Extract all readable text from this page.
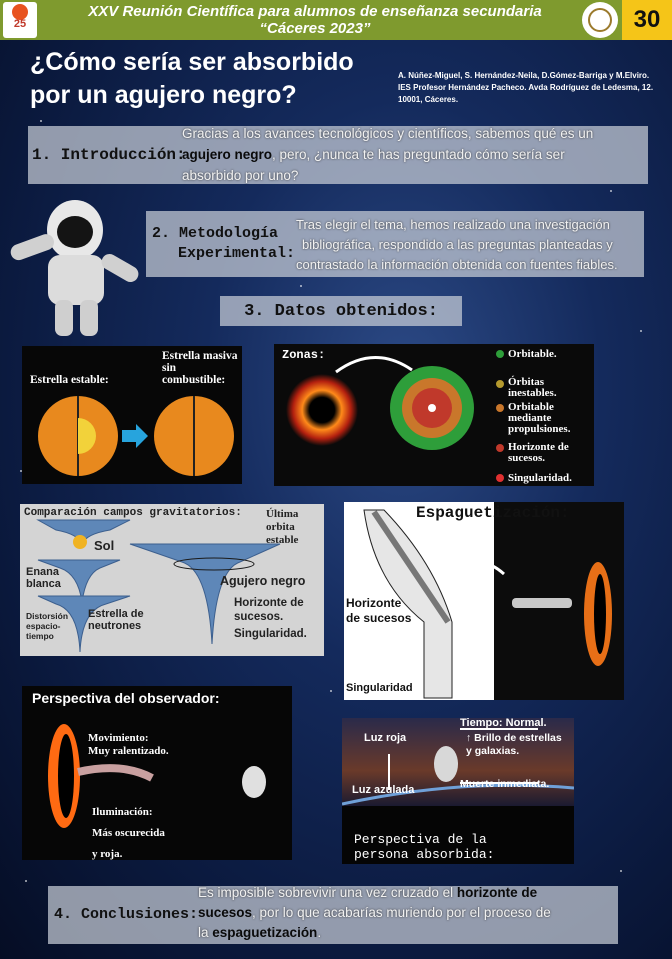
XXV Reunión Científica para alumnos de enseñanza secundaria
“Cáceres 2023”
25	30
¿Cómo sería ser absorbido
por un agujero negro?
A. Núñez-Miguel, S. Hernández-Neila, D.Gómez-Barriga y M.Elviro.
IES Profesor Hernández Pacheco. Avda Rodríguez de Ledesma, 12.
10001, Cáceres.
1. Introducción:
Gracias a los avances tecnológicos y científicos, sabemos qué es un
agujero negro, pero, ¿nunca te has preguntado cómo sería ser
absorbido por uno?
2. Metodología
Experimental:
Tras elegir el tema, hemos realizado una investigación
bibliográfica, respondido a las preguntas planteadas y
contrastado la información obtenida con fuentes fiables.
3. Datos obtenidos:
Estrella estable:
Estrella masiva sin combustible:
Zonas:	Orbitable.
Órbitas inestables.
Orbitable mediante propulsiones.
Horizonte de sucesos.
Singularidad.
Comparación campos gravitatorios:
Sol
Enana blanca
Distorsión espacio-tiempo
Estrella de neutrones
Última orbita estable
Agujero negro
Horizonte de sucesos.
Singularidad.
Espaguetización:
Horizonte de sucesos
Singularidad
Perspectiva del observador:
Movimiento:
Muy ralentizado.
Iluminación:
Más oscurecida
y roja.
Tiempo: Normal.
↑ Brillo de estrellas y galaxias.
Luz roja
Luz azulada	Muerte inmediata.
Perspectiva de la
persona absorbida:
4. Conclusiones:
Es imposible sobrevivir una vez cruzado el horizonte de
sucesos, por lo que acabarías muriendo por el proceso de
la espaguetización.
